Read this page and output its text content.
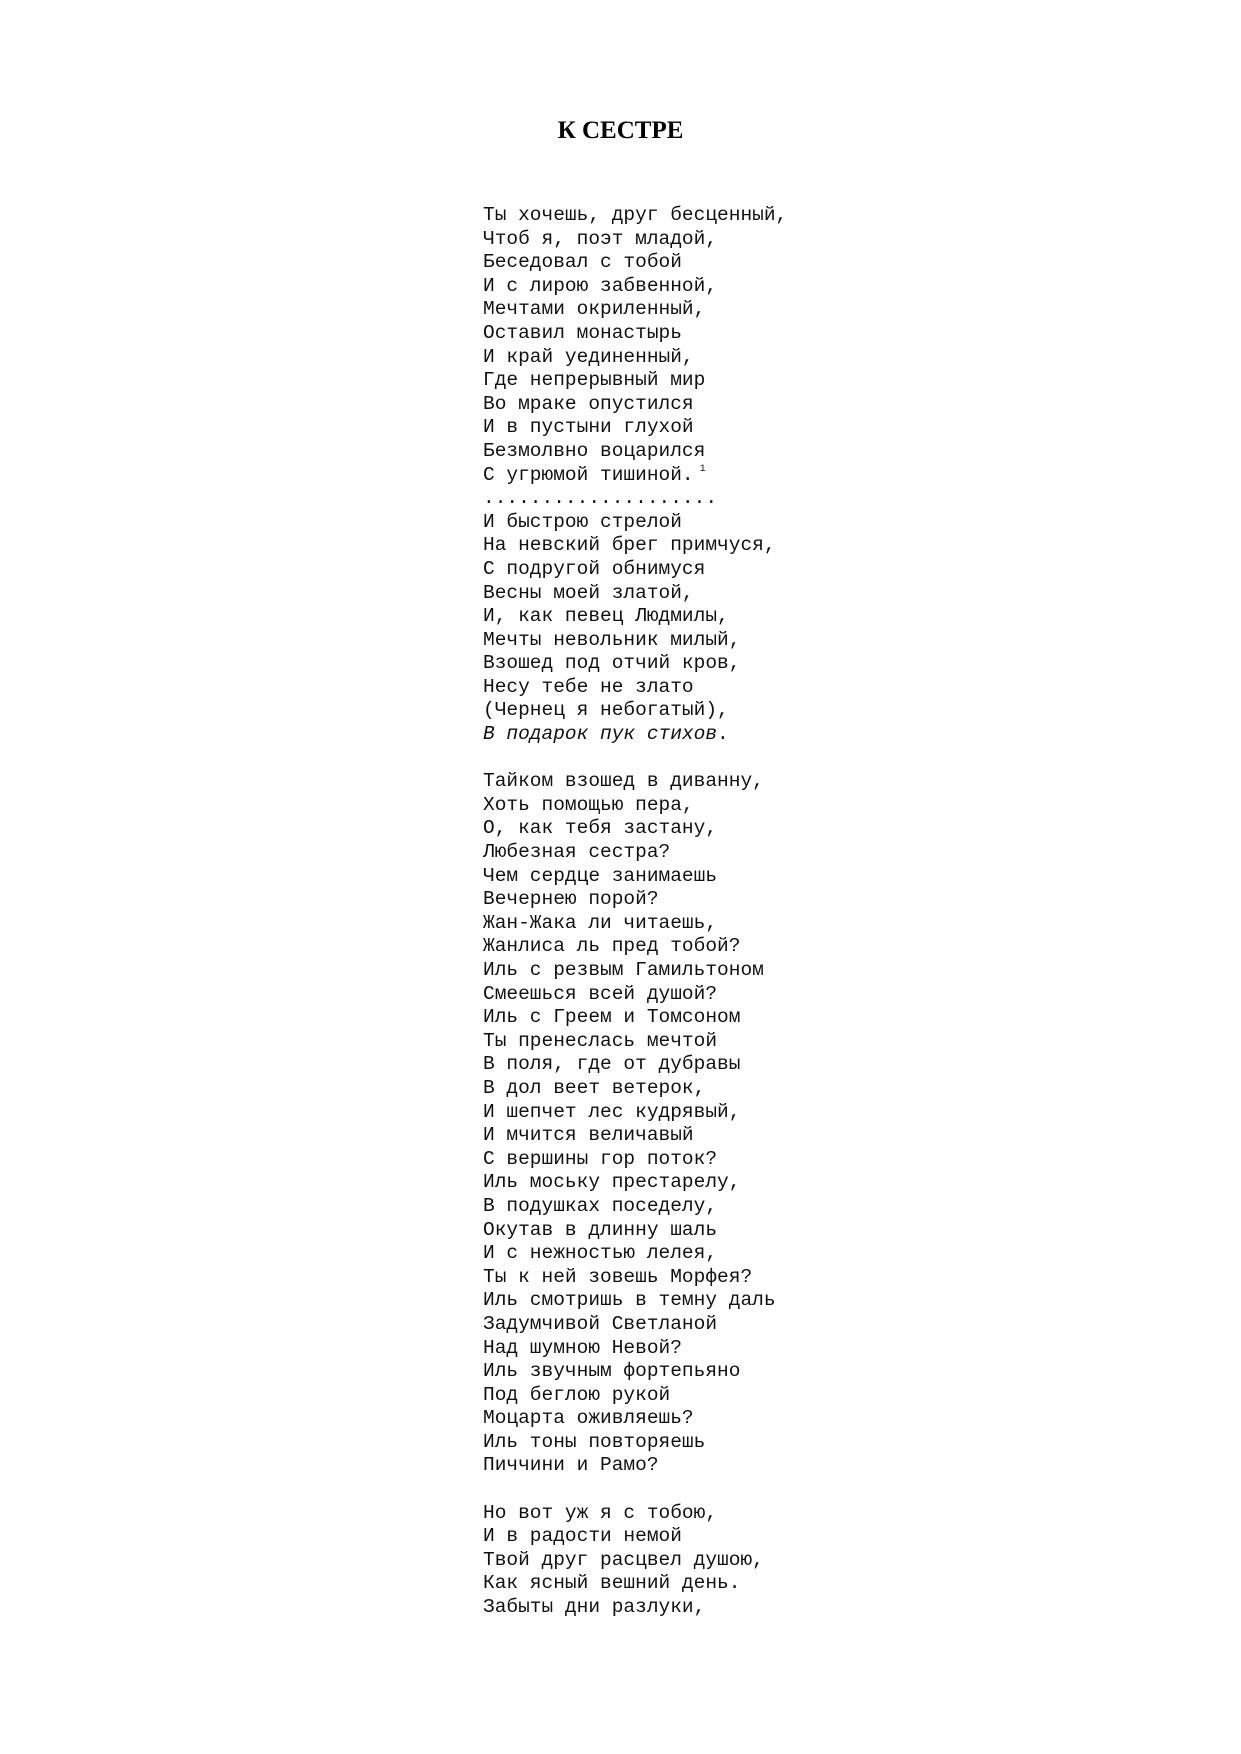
К СЕСТРЕ
Ты хочешь, друг бесценный,
Чтоб я, поэт младой,
Беседовал с тобой
И с лирою забвенной,
Мечтами окриленный,
Оставил монастырь
И край уединенный,
Где непрерывный мир
Во мраке опустился
И в пустыни глухой
Безмолвно воцарился
С угрюмой тишиной. $^1$
....................
И быстрою стрелой
На невский брег примчуся,
С подругой обнимуся
Весны моей златой,
И, как певец Людмилы,
Мечты невольник милый,
Взошед под отчий кров,
Несу тебе не злато
(Чернец я небогатый),
В подарок пук стихов.
Тайком взошед в диванну,
Хоть помощью пера,
О, как тебя застану,
Любезная сестра?
Чем сердце занимаешь
Вечернею порой?
Жан-Жака ли читаешь,
Жанлиса ль пред тобой?
Иль с резвым Гамильтоном
Смеешься всей душой?
Иль с Греем и Томсоном
Ты пренеслась мечтой
В поля, где от дубравы
В дол веет ветерок,
И шепчет лес кудрявый,
И мчится величавый
С вершины гор поток?
Иль моську престарелу,
В подушках поседелу,
Окутав в длинну шаль
И с нежностью лелея,
Ты к ней зовешь Морфея?
Иль смотришь в темну даль
Задумчивой Светланой
Над шумною Невой?
Иль звучным фортепьяно
Под беглою рукой
Моцарта оживляешь?
Иль тоны повторяешь
Пиччини и Рамо?
Но вот уж я с тобою,
И в радости немой
Твой друг расцвел душою,
Как ясный вешний день.
Забыты дни разлуки,
